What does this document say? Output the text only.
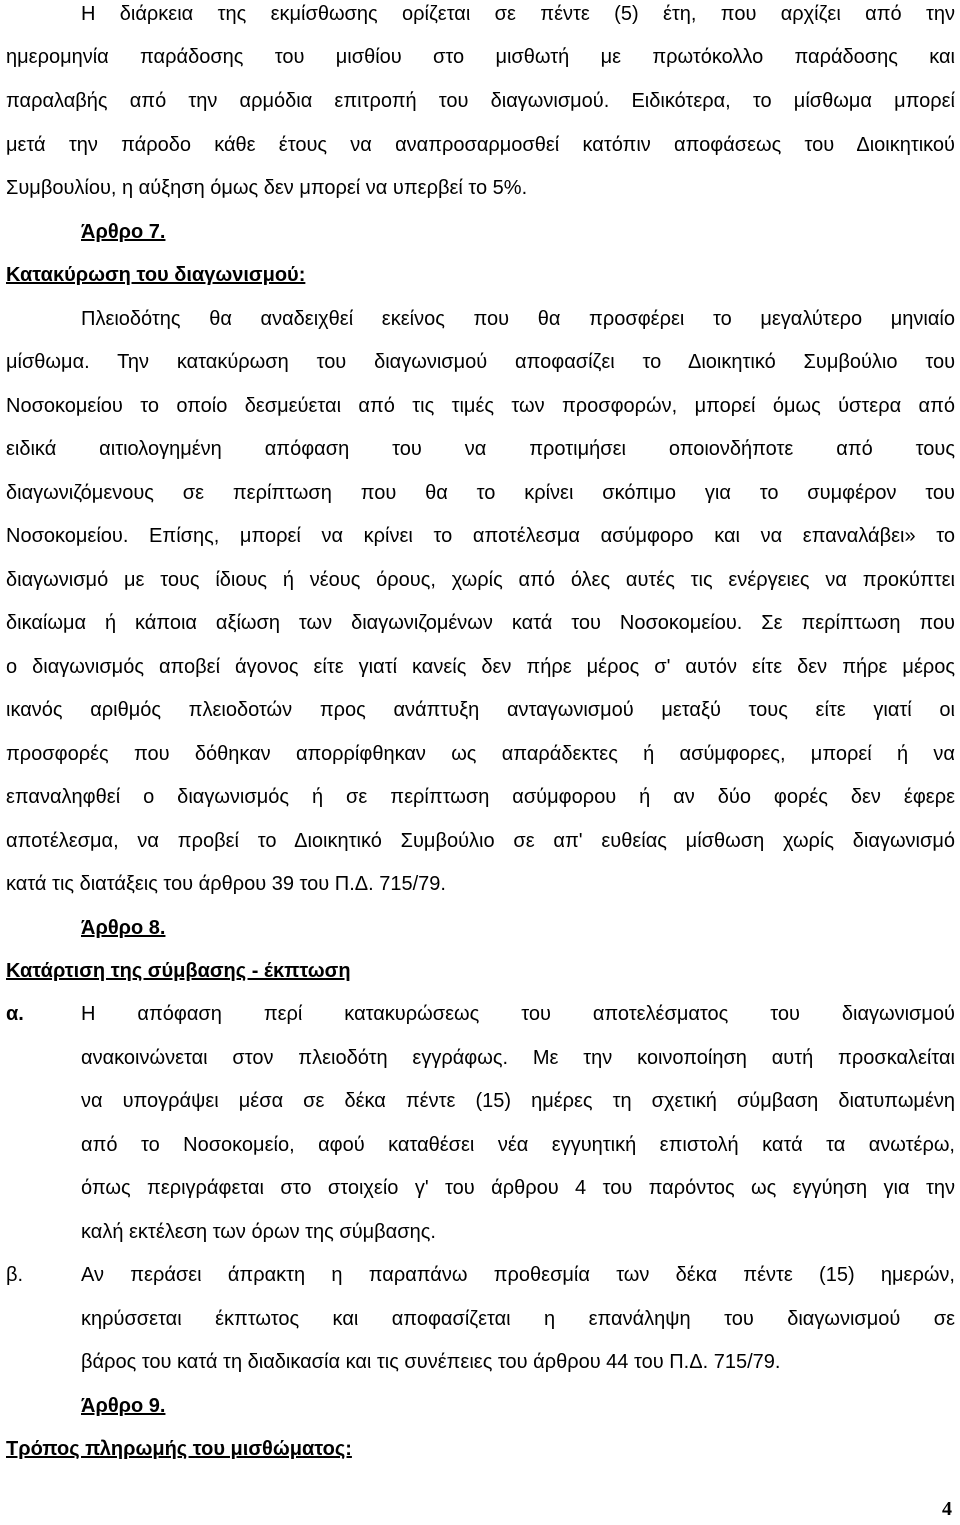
Η διάρκεια της εκμίσθωσης ορίζεται σε πέντε (5) έτη, που αρχίζει από την
ημερομηνία παράδοσης του μισθίου στο μισθωτή με πρωτόκολλο παράδοσης και
παραλαβής από την αρμόδια επιτροπή του διαγωνισμού. Ειδικότερα, το μίσθωμα μπορεί
μετά την πάροδο κάθε έτους να αναπροσαρμοσθεί κατόπιν αποφάσεως του Διοικητικού
Συμβουλίου, η αύξηση όμως δεν μπορεί να υπερβεί το 5%.
Άρθρο 7.
Κατακύρωση του διαγωνισμού:
Πλειοδότης θα αναδειχθεί εκείνος που θα προσφέρει το μεγαλύτερο μηνιαίο
μίσθωμα. Την κατακύρωση του διαγωνισμού αποφασίζει το Διοικητικό Συμβούλιο του
Νοσοκομείου το οποίο δεσμεύεται από τις τιμές των προσφορών, μπορεί όμως ύστερα από
ειδικά αιτιολογημένη απόφαση του να προτιμήσει οποιονδήποτε από τους
διαγωνιζόμενους σε περίπτωση που θα το κρίνει σκόπιμο για το συμφέρον του
Νοσοκομείου. Επίσης, μπορεί να κρίνει το αποτέλεσμα ασύμφορο και να επαναλάβει» το
διαγωνισμό με τους ίδιους ή νέους όρους, χωρίς από όλες αυτές τις ενέργειες να προκύπτει
δικαίωμα ή κάποια αξίωση των διαγωνιζομένων κατά του Νοσοκομείου. Σε περίπτωση που
ο διαγωνισμός αποβεί άγονος είτε γιατί κανείς δεν πήρε μέρος σ' αυτόν είτε δεν πήρε μέρος
ικανός αριθμός πλειοδοτών προς ανάπτυξη ανταγωνισμού μεταξύ τους είτε γιατί οι
προσφορές που δόθηκαν απορρίφθηκαν ως απαράδεκτες ή ασύμφορες, μπορεί ή να
επαναληφθεί ο διαγωνισμός ή σε περίπτωση ασύμφορου ή αν δύο φορές δεν έφερε
αποτέλεσμα, να προβεί το Διοικητικό Συμβούλιο σε απ' ευθείας μίσθωση χωρίς διαγωνισμό
κατά τις διατάξεις του άρθρου 39 του Π.Δ. 715/79.
Άρθρο 8.
Κατάρτιση της σύμβασης - έκπτωση
α.	Η απόφαση περί κατακυρώσεως του αποτελέσματος του διαγωνισμού
ανακοινώνεται στον πλειοδότη εγγράφως. Με την κοινοποίηση αυτή προσκαλείται
να υπογράψει μέσα σε δέκα πέντε (15) ημέρες τη σχετική σύμβαση διατυπωμένη
από το Νοσοκομείο, αφού καταθέσει νέα εγγυητική επιστολή κατά τα ανωτέρω,
όπως περιγράφεται στο στοιχείο γ' του άρθρου 4 του παρόντος ως εγγύηση για την
καλή εκτέλεση των όρων της σύμβασης.
β.	Αν περάσει άπρακτη η παραπάνω προθεσμία των δέκα πέντε (15) ημερών,
κηρύσσεται έκπτωτος και αποφασίζεται η επανάληψη του διαγωνισμού σε
βάρος του κατά τη διαδικασία και τις συνέπειες του άρθρου 44 του Π.Δ. 715/79.
Άρθρο 9.
Τρόπος πληρωμής του μισθώματος:
4
